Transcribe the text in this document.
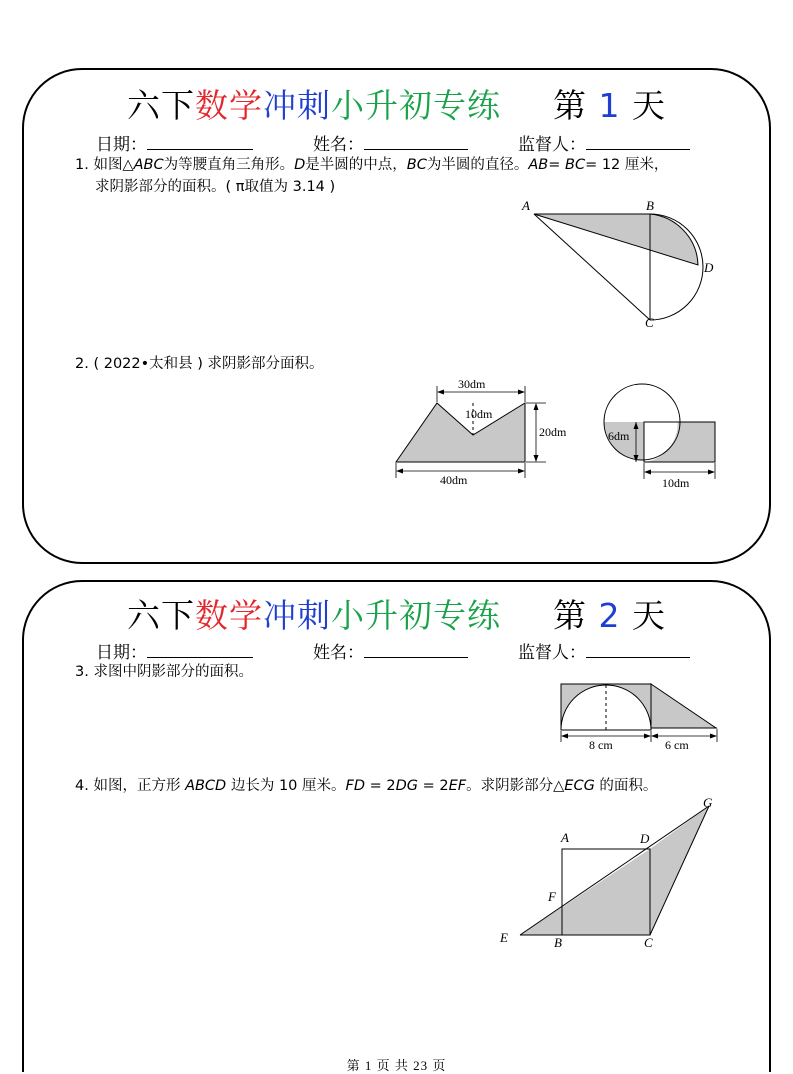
六下数学冲刺小升初专练 第 1 天
日期：	姓名：	监督人：
1. 如图△ABC为等腰直角三角形。D是半圆的中点，BC为半圆的直径。AB= BC= 12 厘米，
求阴影部分的面积。( π取值为 3.14 )
A	B
D
C
2. ( 2022•太和县 ) 求阴影部分面积。
30dm
10dm
20dm
40dm
6dm
10dm
六下数学冲刺小升初专练 第 2 天
日期：	姓名：	监督人：
3. 求图中阴影部分的面积。
8 cm	6 cm
4. 如图，正方形 ABCD 边长为 10 厘米。FD = 2DG = 2EF。求阴影部分△ECG 的面积。
A	D
G
F
E	B	C
第 1 页 共 23 页
